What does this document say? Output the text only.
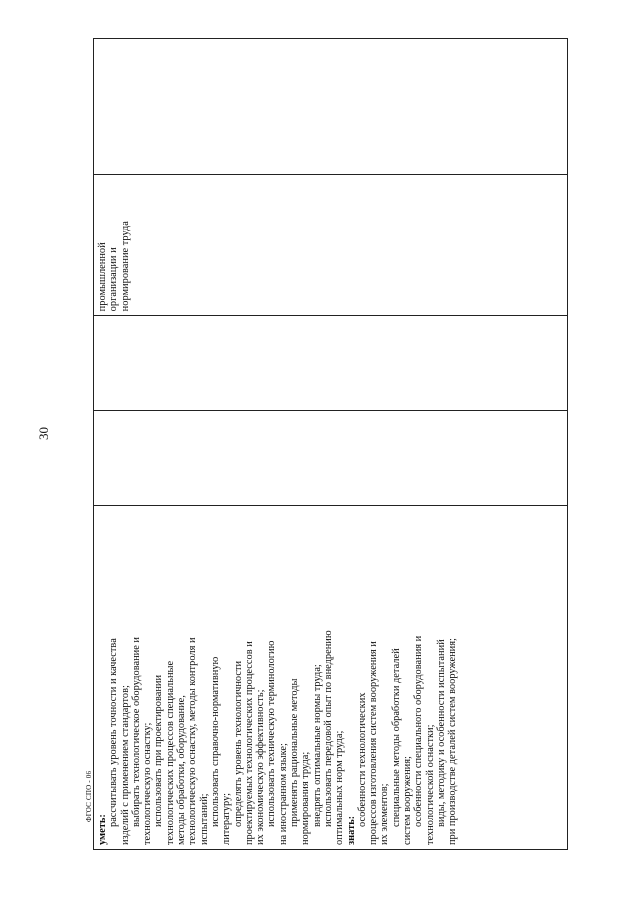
30
ФГОС СПО - 06
уметь:
рассчитывать уровень точности и качества изделий с применением стандартов; выбирать технологическое оборудование и технологическую оснастку; использовать при проектировании технологических процессов специальные методы обработки, оборудование, технологическую оснастку, методы контроля и испытаний; использовать справочно-нормативную литературу; определять уровень технологичности проектируемых технологических процессов и их экономическую эффективность; использовать техническую терминологию на иностранном языке; применять рациональные методы нормирования труда; внедрять оптимальные нормы труда; использовать передовой опыт по внедрению оптимальных норм труда; знать:
особенности технологических процессов изготовления систем вооружения и их элементов; специальные методы обработки деталей систем вооружения; особенности специального оборудования и технологической оснастки; виды, методику и особенности испытаний при производстве деталей систем вооружения;
промышленной организации и нормирование труда
